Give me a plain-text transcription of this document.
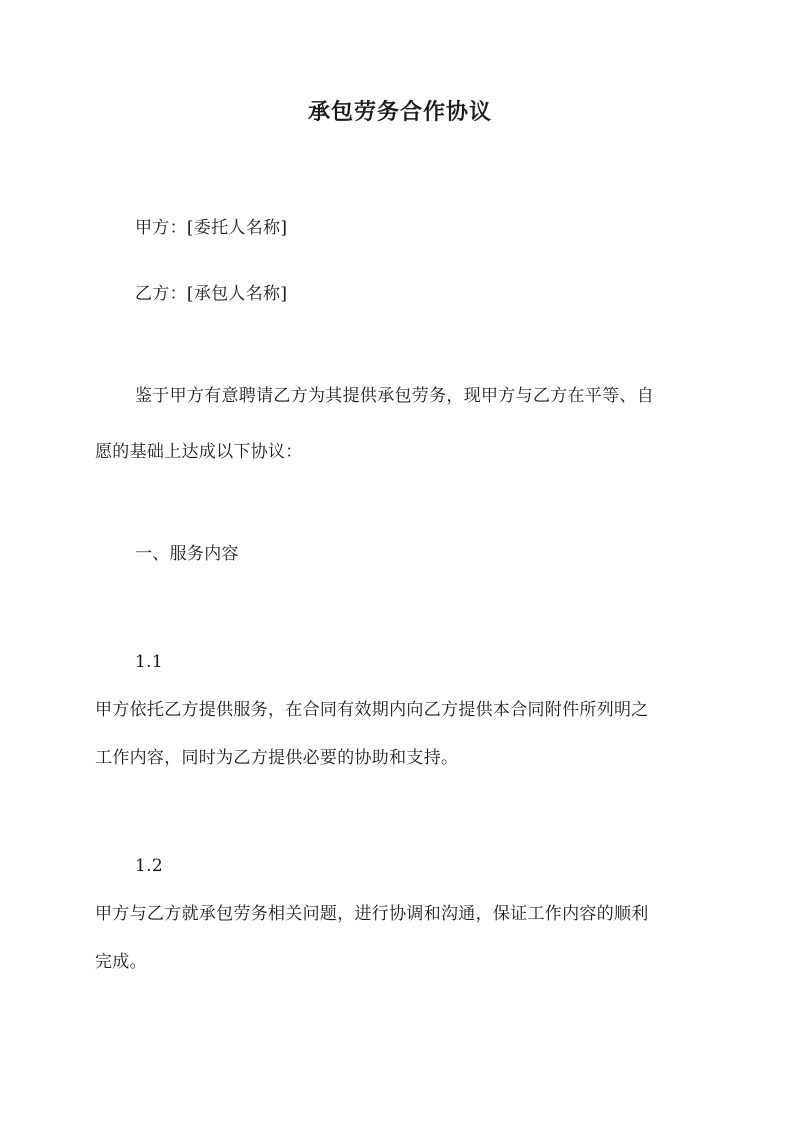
承包劳务合作协议
甲方：[委托人名称]
乙方：[承包人名称]
鉴于甲方有意聘请乙方为其提供承包劳务，现甲方与乙方在平等、自
愿的基础上达成以下协议：
一、服务内容
1.1
甲方依托乙方提供服务，在合同有效期内向乙方提供本合同附件所列明之
工作内容，同时为乙方提供必要的协助和支持。
1.2
甲方与乙方就承包劳务相关问题，进行协调和沟通，保证工作内容的顺利
完成。
